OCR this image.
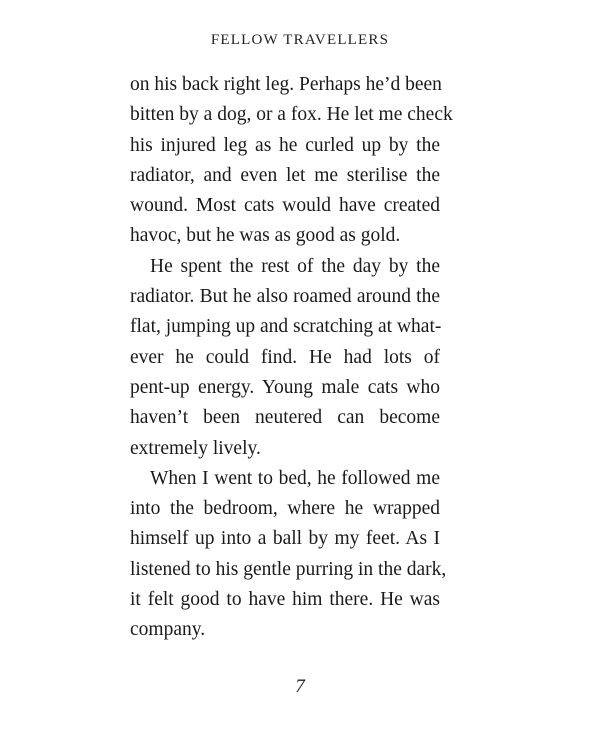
FELLOW TRAVELLERS
on his back right leg. Perhaps he’d been
bitten by a dog, or a fox. He let me check
his injured leg as he curled up by the
radiator, and even let me sterilise the
wound. Most cats would have created
havoc, but he was as good as gold.
He spent the rest of the day by the
radiator. But he also roamed around the
flat, jumping up and scratching at what-
ever he could find. He had lots of
pent-up energy. Young male cats who
haven’t been neutered can become
extremely lively.
When I went to bed, he followed me
into the bedroom, where he wrapped
himself up into a ball by my feet. As I
listened to his gentle purring in the dark,
it felt good to have him there. He was
company.
7
